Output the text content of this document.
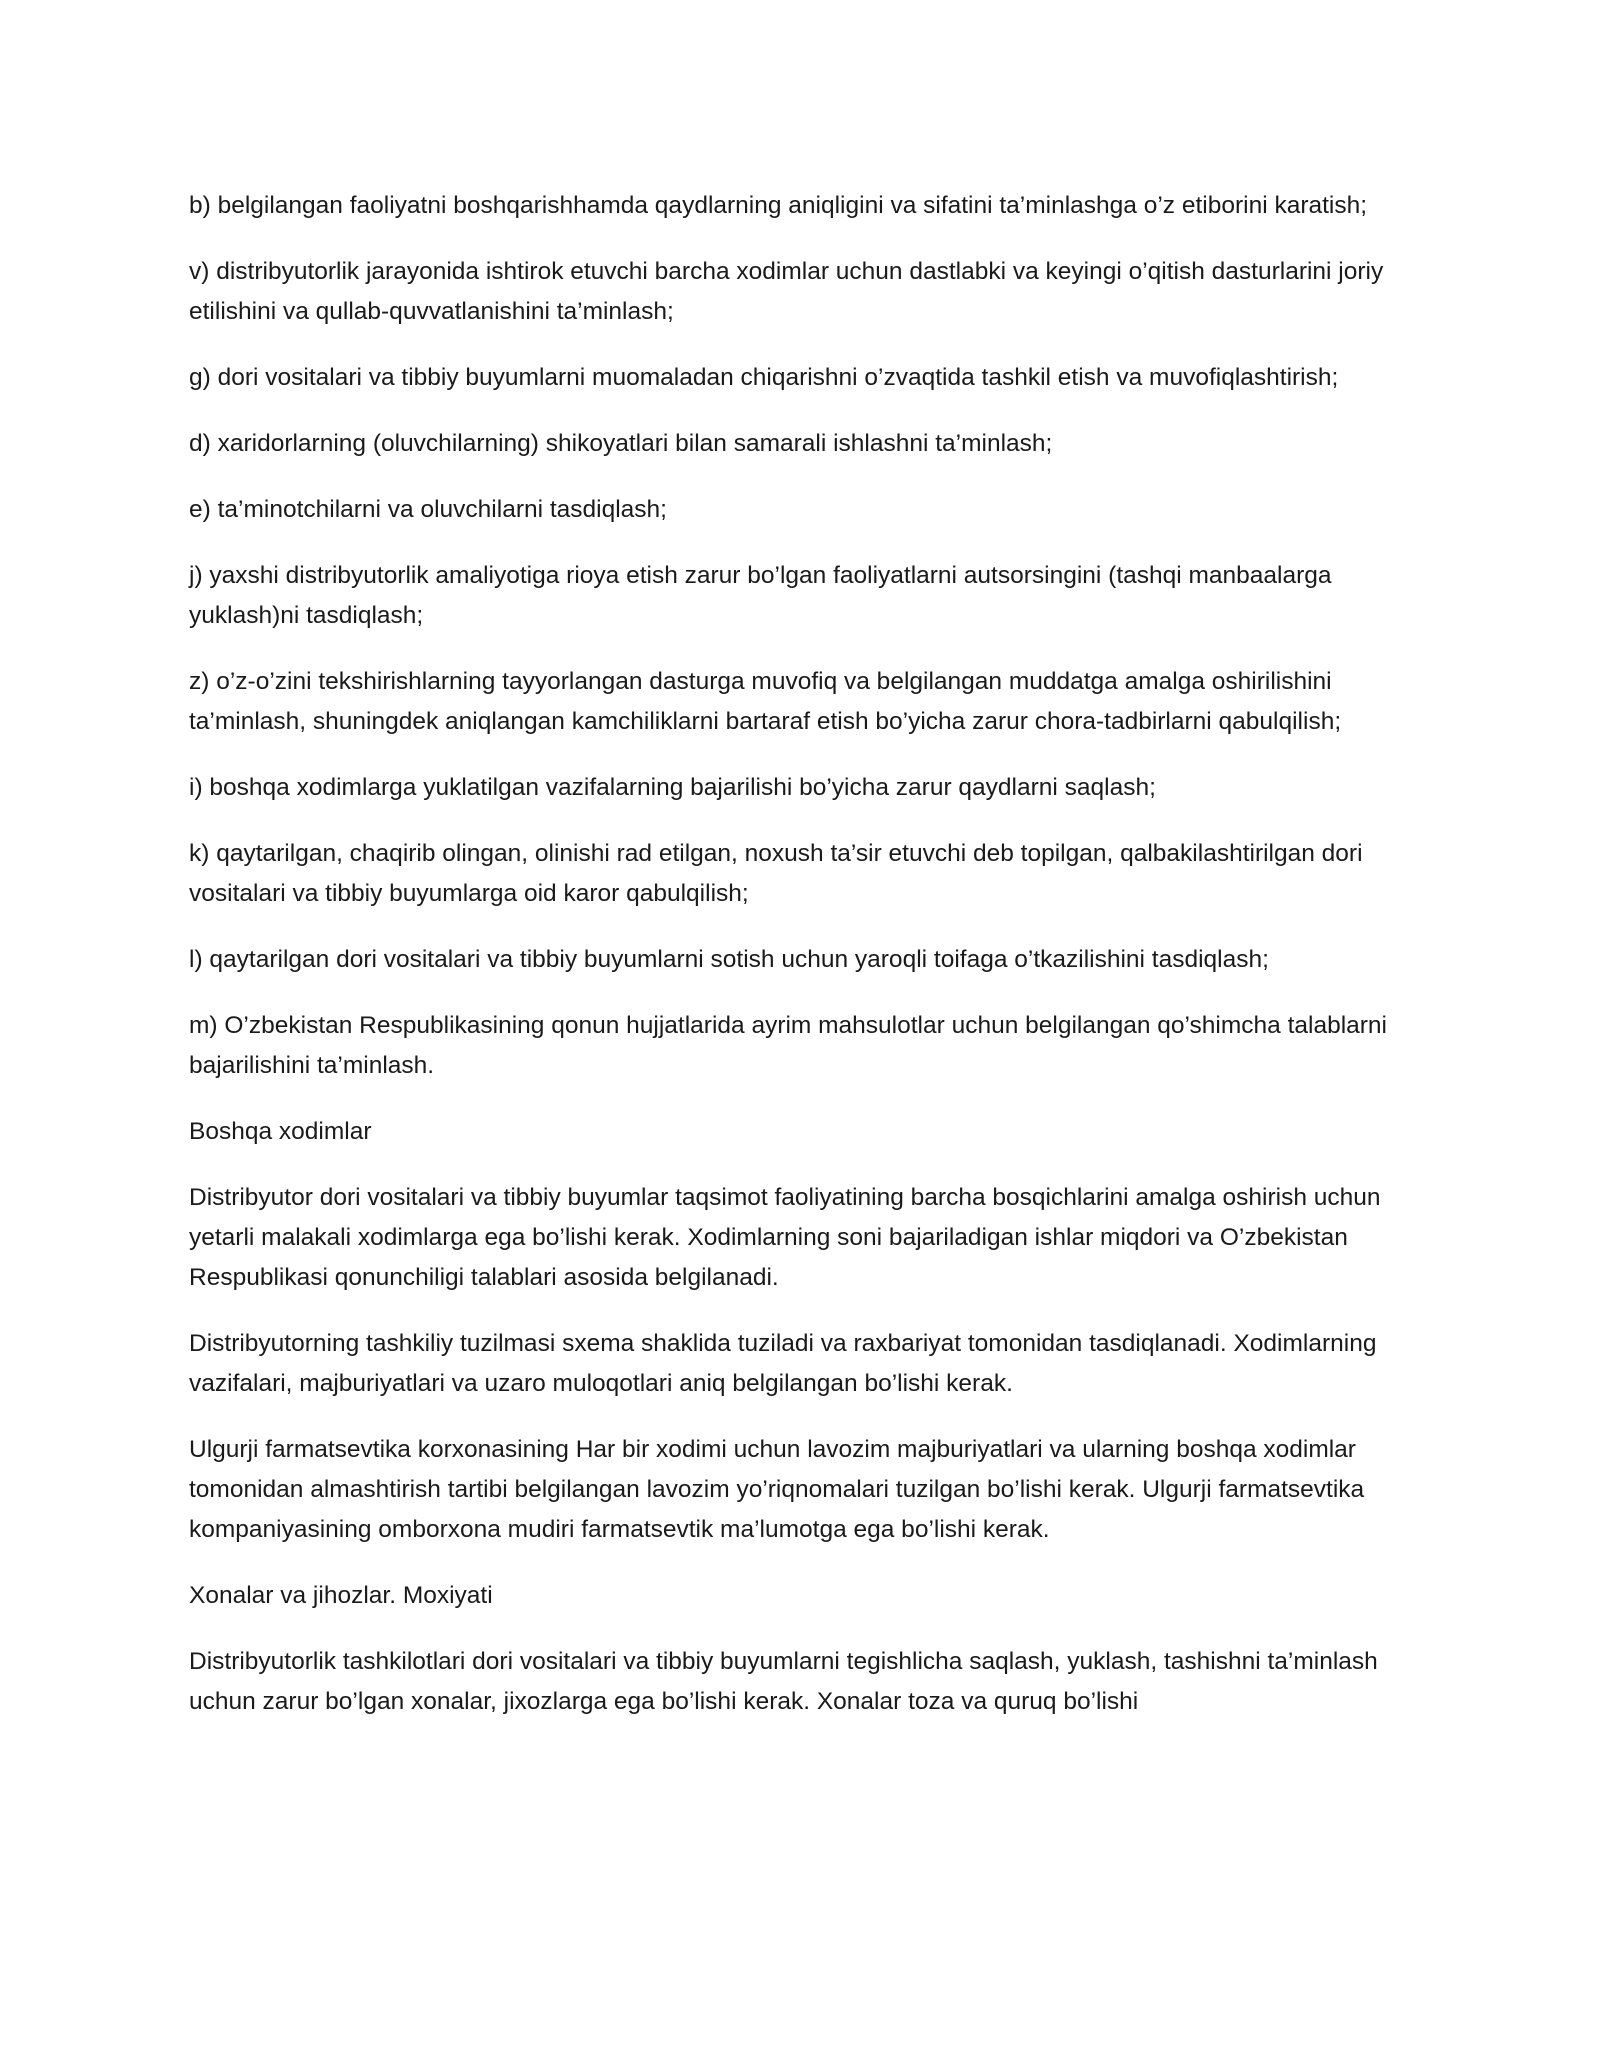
b) belgilangan faoliyatni boshqarishhamda qaydlarning aniqligini va sifatini ta’minlashga o’z etiborini karatish;

v) distribyutorlik jarayonida ishtirok etuvchi barcha xodimlar uchun dastlabki va keyingi o’qitish dasturlarini joriy etilishini va qullab-quvvatlanishini ta’minlash;

g) dori vositalari va tibbiy buyumlarni muomaladan chiqarishni o’zvaqtida tashkil etish va muvofiqlashtirish;

d) xaridorlarning (oluvchilarning) shikoyatlari bilan samarali ishlashni ta’minlash;

e) ta’minotchilarni va oluvchilarni tasdiqlash;

j) yaxshi distribyutorlik amaliyotiga rioya etish zarur bo’lgan faoliyatlarni autsorsingini (tashqi manbaalarga yuklash)ni tasdiqlash;

z) o’z-o’zini tekshirishlarning tayyorlangan dasturga muvofiq va belgilangan muddatga amalga oshirilishini ta’minlash, shuningdek aniqlangan kamchiliklarni bartaraf etish bo’yicha zarur chora-tadbirlarni qabulqilish;

i) boshqa xodimlarga yuklatilgan vazifalarning bajarilishi bo’yicha zarur qaydlarni saqlash;

k) qaytarilgan, chaqirib olingan, olinishi rad etilgan, noxush ta’sir etuvchi deb topilgan, qalbakilashtirilgan dori vositalari va tibbiy buyumlarga oid karor qabulqilish;

l) qaytarilgan dori vositalari va tibbiy buyumlarni sotish uchun yaroqli toifaga o’tkazilishini tasdiqlash;

m) O’zbekistan Respublikasining qonun hujjatlarida ayrim mahsulotlar uchun belgilangan qo’shimcha talablarni bajarilishini ta’minlash.

Boshqa xodimlar

Distribyutor dori vositalari va tibbiy buyumlar taqsimot faoliyatining barcha bosqichlarini amalga oshirish uchun yetarli malakali xodimlarga ega bo’lishi kerak. Xodimlarning soni bajariladigan ishlar miqdori va O’zbekistan Respublikasi qonunchiligi talablari asosida belgilanadi.

Distribyutorning tashkiliy tuzilmasi sxema shaklida tuziladi va raxbariyat tomonidan tasdiqlanadi. Xodimlarning vazifalari, majburiyatlari va uzaro muloqotlari aniq belgilangan bo’lishi kerak.

Ulgurji farmatsevtika korxonasining Har bir xodimi uchun lavozim majburiyatlari va ularning boshqa xodimlar tomonidan almashtirish tartibi belgilangan lavozim yo’riqnomalari tuzilgan bo’lishi kerak. Ulgurji farmatsevtika kompaniyasining omborxona mudiri farmatsevtik ma’lumotga ega bo’lishi kerak.

Xonalar va jihozlar. Moxiyati

Distribyutorlik tashkilotlari dori vositalari va tibbiy buyumlarni tegishlicha saqlash, yuklash, tashishni ta’minlash uchun zarur bo’lgan xonalar, jixozlarga ega bo’lishi kerak. Xonalar toza va quruq bo’lishi
